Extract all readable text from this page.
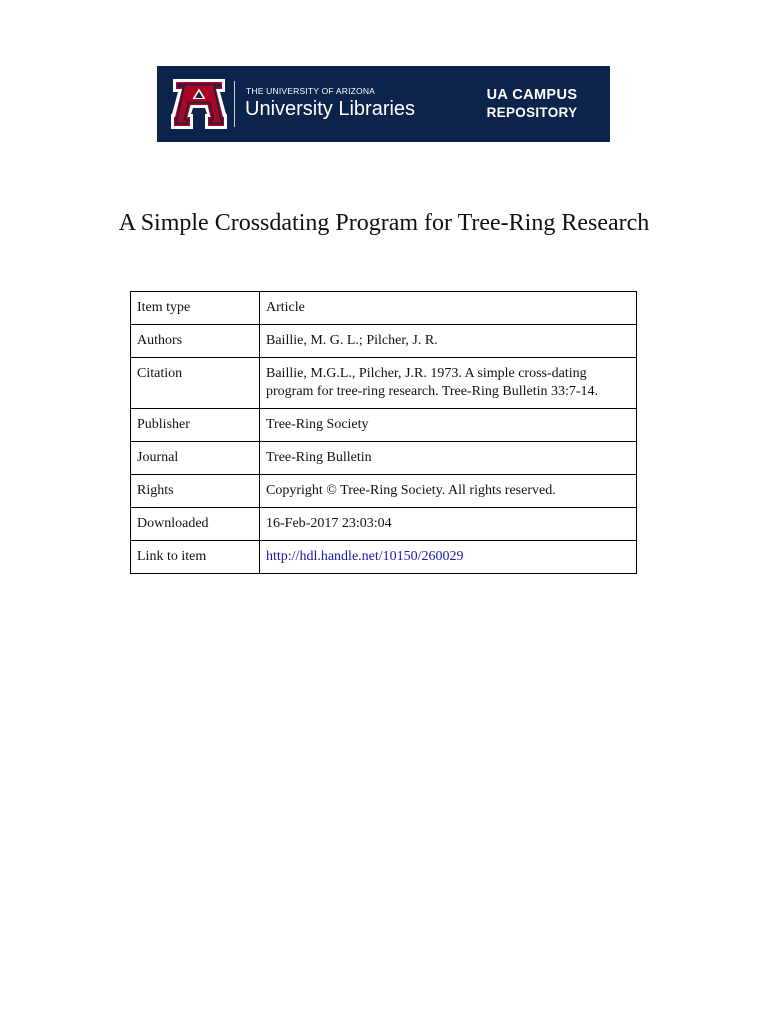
THE UNIVERSITY OF ARIZONA
University Libraries
UA CAMPUS
REPOSITORY
A Simple Crossdating Program for Tree-Ring Research
Item type	Article
Authors	Baillie, M. G. L.; Pilcher, J. R.
Citation	Baillie, M.G.L., Pilcher, J.R. 1973. A simple cross-dating program for tree-ring research. Tree-Ring Bulletin 33:7-14.
Publisher	Tree-Ring Society
Journal	Tree-Ring Bulletin
Rights	Copyright © Tree-Ring Society. All rights reserved.
Downloaded	16-Feb-2017 23:03:04
Link to item	http://hdl.handle.net/10150/260029
